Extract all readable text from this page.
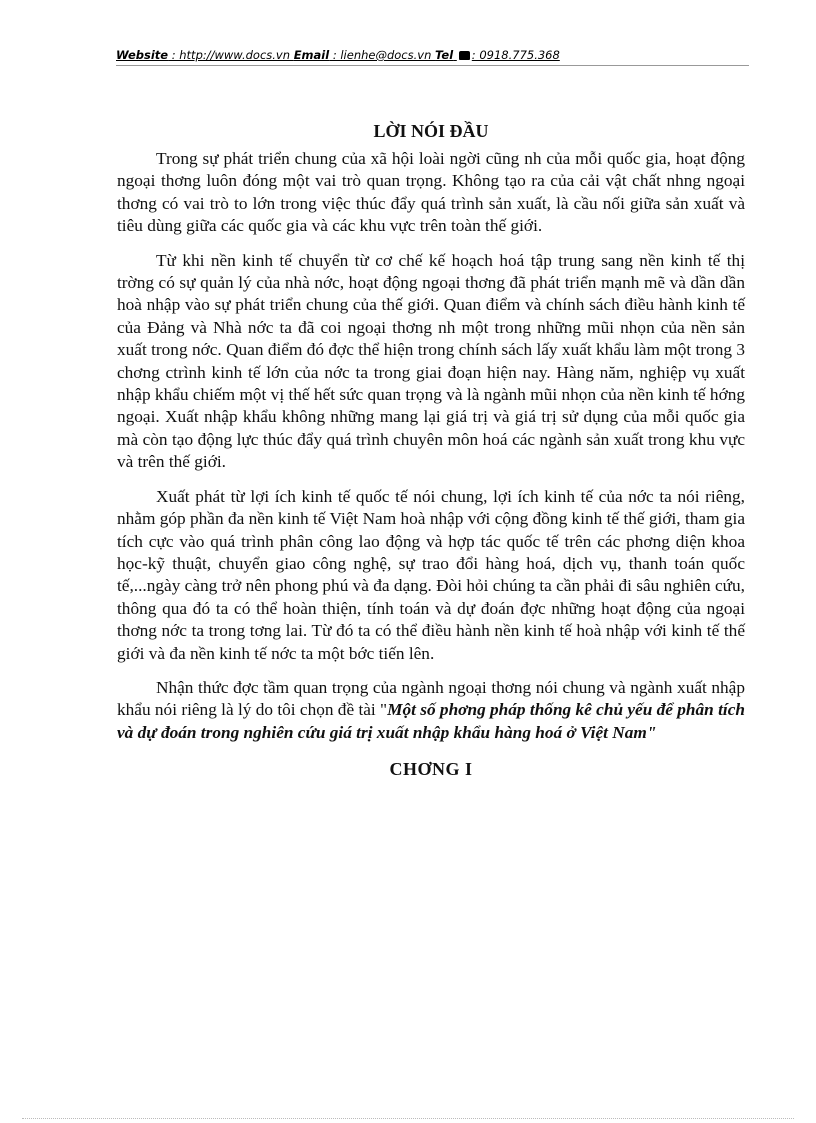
Website : http://www.docs.vn Email : lienhe@docs.vn Tel : 0918.775.368
LỜI NÓI ĐẦU

Trong sự phát triển chung của xã hội loài ngời cũng nh của mỗi quốc gia, hoạt động ngoại thơng luôn đóng một vai trò quan trọng. Không tạo ra của cải vật chất nhng ngoại thơng có vai trò to lớn trong việc thúc đẩy quá trình sản xuất, là cầu nối giữa sản xuất và tiêu dùng giữa các quốc gia và các khu vực trên toàn thế giới.

Từ khi nền kinh tế chuyển từ cơ chế kế hoạch hoá tập trung sang nền kinh tế thị trờng có sự quản lý của nhà nớc, hoạt động ngoại thơng đã phát triển mạnh mẽ và dần dần hoà nhập vào sự phát triển chung của thế giới. Quan điểm và chính sách điều hành kinh tế của Đảng và Nhà nớc ta đã coi ngoại thơng nh một trong những mũi nhọn của nền sản xuất trong nớc. Quan điểm đó đợc thể hiện trong chính sách lấy xuất khẩu làm một trong 3 chơng ctrình kinh tế lớn của nớc ta trong giai đoạn hiện nay. Hàng năm, nghiệp vụ xuất nhập khẩu chiếm một vị thế hết sức quan trọng và là ngành mũi nhọn của nền kinh tế hớng ngoại. Xuất nhập khẩu không những mang lại giá trị và giá trị sử dụng của mỗi quốc gia mà còn tạo động lực thúc đẩy quá trình chuyên môn hoá các ngành sản xuất trong khu vực và trên thế giới.

Xuất phát từ lợi ích kinh tế quốc tế nói chung, lợi ích kinh tế của nớc ta nói riêng, nhằm góp phần đa nền kinh tế Việt Nam hoà nhập với cộng đồng kinh tế thế giới, tham gia tích cực vào quá trình phân công lao động và hợp tác quốc tế trên các phơng diện khoa học-kỹ thuật, chuyển giao công nghệ, sự trao đổi hàng hoá, dịch vụ, thanh toán quốc tế,...ngày càng trở nên phong phú và đa dạng. Đòi hỏi chúng ta cần phải đi sâu nghiên cứu, thông qua đó ta có thể hoàn thiện, tính toán và dự đoán đợc những hoạt động của ngoại thơng nớc ta trong tơng lai. Từ đó ta có thể điều hành nền kinh tế hoà nhập với kinh tế thế giới và đa nền kinh tế nớc ta một bớc tiến lên.

Nhận thức đợc tầm quan trọng của ngành ngoại thơng nói chung và ngành xuất nhập khẩu nói riêng là lý do tôi chọn đề tài "Một số phơng pháp thống kê chủ yếu để phân tích và dự đoán trong nghiên cứu giá trị xuất nhập khẩu hàng hoá ở Việt Nam"

CHƠNG I
